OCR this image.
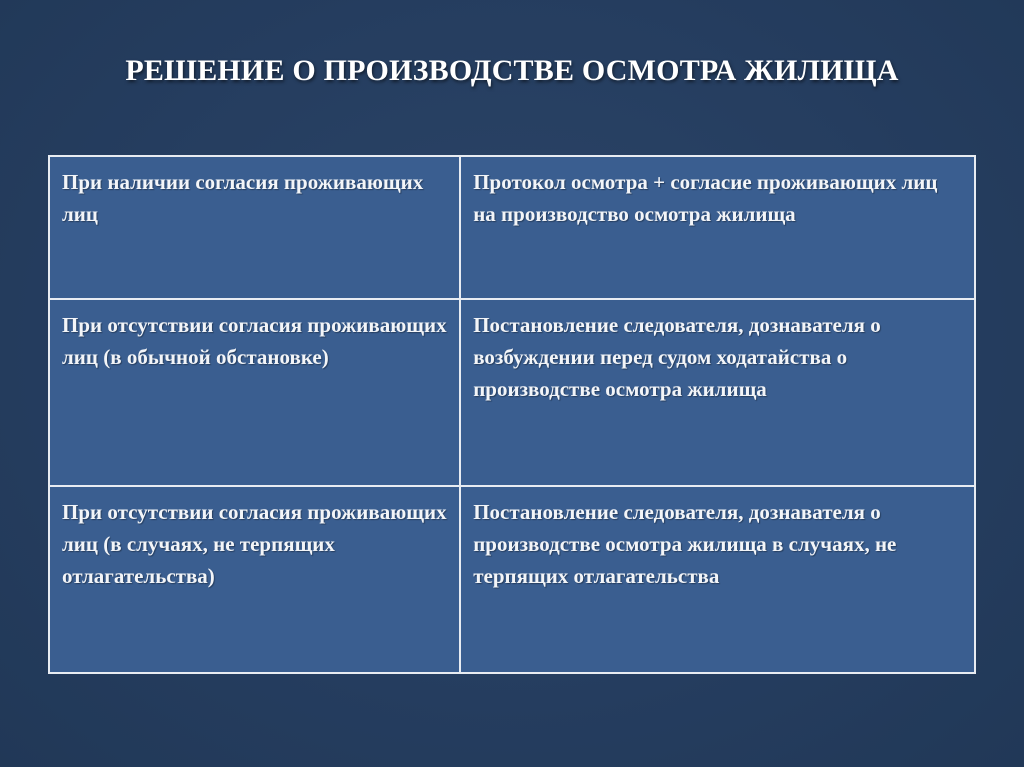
РЕШЕНИЕ О ПРОИЗВОДСТВЕ ОСМОТРА ЖИЛИЩА
При наличии согласия проживающих лиц	Протокол осмотра + согласие проживающих лиц на производство осмотра жилища
При отсутствии согласия проживающих лиц (в обычной обстановке)	Постановление следователя, дознавателя о возбуждении перед судом ходатайства о производстве осмотра жилища
При отсутствии согласия проживающих лиц (в случаях, не терпящих отлагательства)	Постановление следователя, дознавателя о производстве осмотра жилища в случаях, не терпящих отлагательства
